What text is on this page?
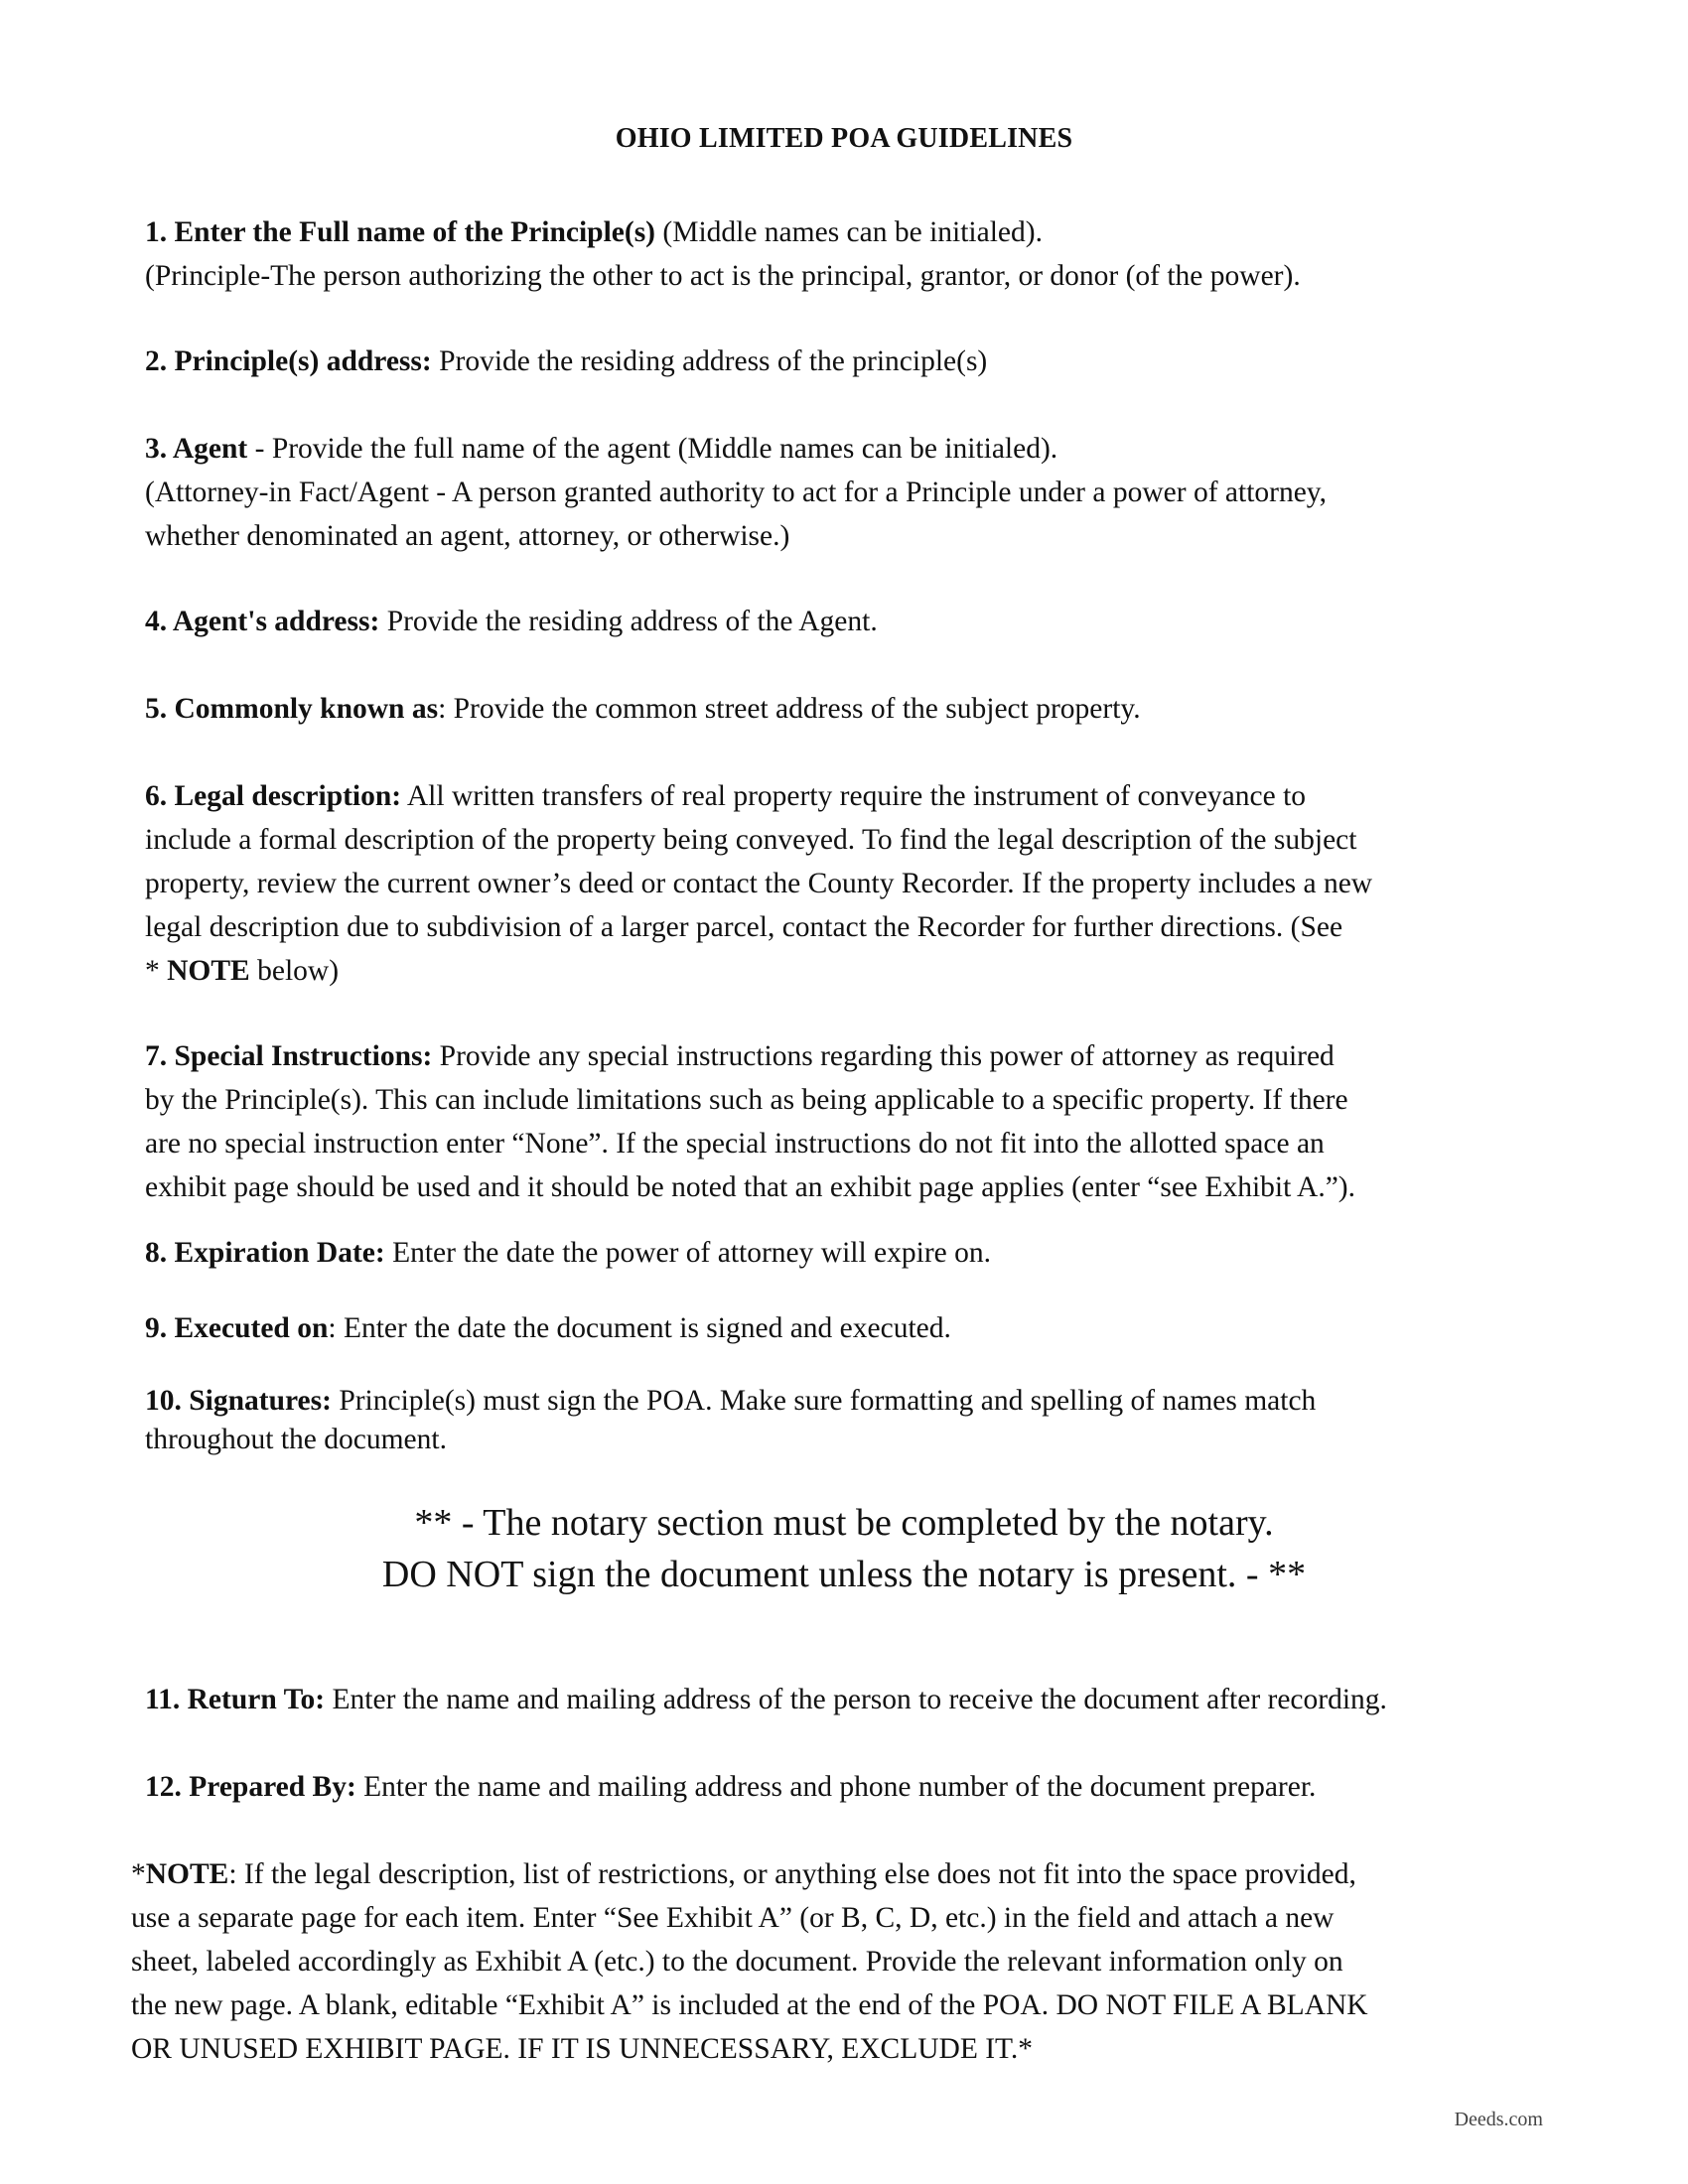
OHIO LIMITED POA GUIDELINES
1. Enter the Full name of the Principle(s) (Middle names can be initialed).
(Principle-The person authorizing the other to act is the principal, grantor, or donor (of the power).
2. Principle(s) address: Provide the residing address of the principle(s)
3. Agent - Provide the full name of the agent (Middle names can be initialed).
(Attorney-in Fact/Agent - A person granted authority to act for a Principle under a power of attorney,
whether denominated an agent, attorney, or otherwise.)
4. Agent's address: Provide the residing address of the Agent.
5. Commonly known as: Provide the common street address of the subject property.
6. Legal description: All written transfers of real property require the instrument of conveyance to
include a formal description of the property being conveyed. To find the legal description of the subject
property, review the current owner’s deed or contact the County Recorder. If the property includes a new
legal description due to subdivision of a larger parcel, contact the Recorder for further directions. (See
* NOTE below)
7. Special Instructions: Provide any special instructions regarding this power of attorney as required
by the Principle(s). This can include limitations such as being applicable to a specific property. If there
are no special instruction enter “None”. If the special instructions do not fit into the allotted space an
exhibit page should be used and it should be noted that an exhibit page applies (enter “see Exhibit A.”).
8. Expiration Date: Enter the date the power of attorney will expire on.
9. Executed on: Enter the date the document is signed and executed.
10. Signatures: Principle(s) must sign the POA. Make sure formatting and spelling of names match
throughout the document.
** - The notary section must be completed by the notary.
DO NOT sign the document unless the notary is present. - **
11. Return To: Enter the name and mailing address of the person to receive the document after recording.
12. Prepared By: Enter the name and mailing address and phone number of the document preparer.
*NOTE: If the legal description, list of restrictions, or anything else does not fit into the space provided,
use a separate page for each item. Enter “See Exhibit A” (or B, C, D, etc.) in the field and attach a new
sheet, labeled accordingly as Exhibit A (etc.) to the document. Provide the relevant information only on
the new page. A blank, editable “Exhibit A” is included at the end of the POA. DO NOT FILE A BLANK
OR UNUSED EXHIBIT PAGE. IF IT IS UNNECESSARY, EXCLUDE IT.*
Deeds.com
